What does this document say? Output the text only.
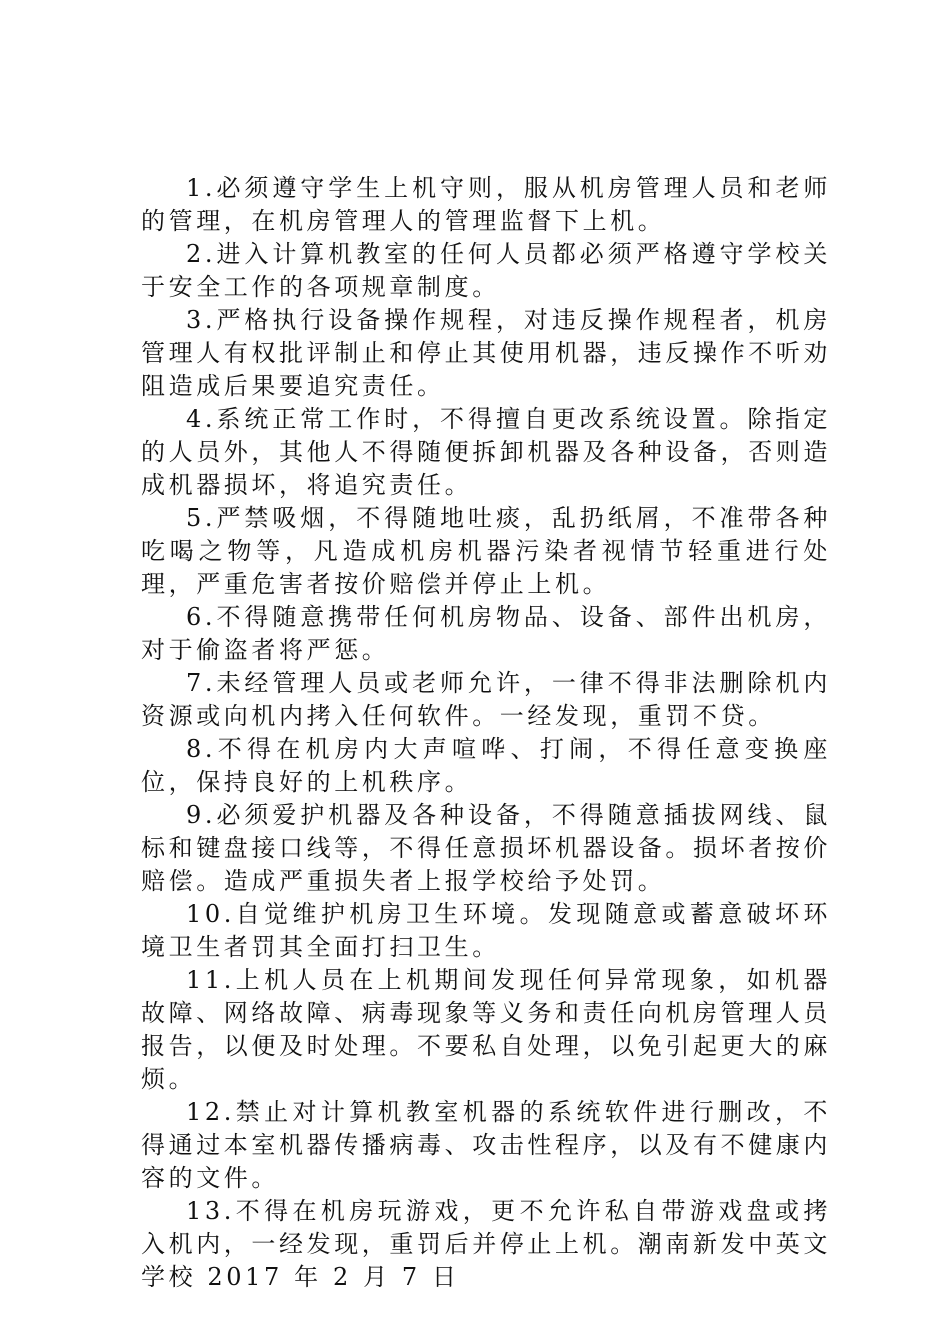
1.必须遵守学生上机守则，服从机房管理人员和老师的管理，在机房管理人的管理监督下上机。

2.进入计算机教室的任何人员都必须严格遵守学校关于安全工作的各项规章制度。

3.严格执行设备操作规程，对违反操作规程者，机房管理人有权批评制止和停止其使用机器，违反操作不听劝阻造成后果要追究责任。

4.系统正常工作时，不得擅自更改系统设置。除指定的人员外，其他人不得随便拆卸机器及各种设备，否则造成机器损坏，将追究责任。

5.严禁吸烟，不得随地吐痰，乱扔纸屑，不准带各种吃喝之物等，凡造成机房机器污染者视情节轻重进行处理，严重危害者按价赔偿并停止上机。

6.不得随意携带任何机房物品、设备、部件出机房，对于偷盗者将严惩。

7.未经管理人员或老师允许，一律不得非法删除机内资源或向机内拷入任何软件。一经发现，重罚不贷。

8.不得在机房内大声喧哗、打闹，不得任意变换座位，保持良好的上机秩序。

9.必须爱护机器及各种设备，不得随意插拔网线、鼠标和键盘接口线等，不得任意损坏机器设备。损坏者按价赔偿。造成严重损失者上报学校给予处罚。

10.自觉维护机房卫生环境。发现随意或蓄意破坏环境卫生者罚其全面打扫卫生。

11.上机人员在上机期间发现任何异常现象，如机器故障、网络故障、病毒现象等义务和责任向机房管理人员报告，以便及时处理。不要私自处理，以免引起更大的麻烦。

12.禁止对计算机教室机器的系统软件进行删改，不得通过本室机器传播病毒、攻击性程序，以及有不健康内容的文件。

13.不得在机房玩游戏，更不允许私自带游戏盘或拷入机内，一经发现，重罚后并停止上机。潮南新发中英文学校 2017 年 2 月 7 日
